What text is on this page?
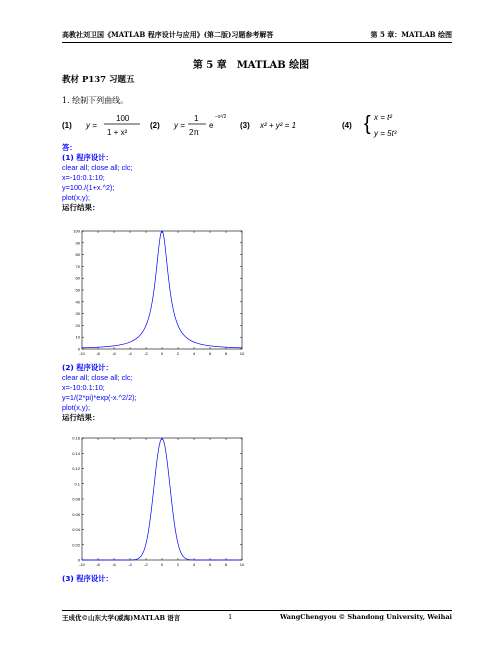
高教社刘卫国《MATLAB 程序设计与应用》(第二版)习题参考解答	第 5 章：MATLAB 绘图
第 5 章　MATLAB 绘图
教材 P137 习题五
1. 绘制下列曲线。
(1) y =
100
1 + x²
(2) y =
1
2π
e
−x²/2
(3) x² + y² = 1	(4) { x = t²
y = 5t³
答：
(1) 程序设计：
clear all; close all; clc;
x=-10:0.1:10;
y=100./(1+x.^2);
plot(x,y);
运行结果：
-10	-8	-6	-4	-2	0	2	4	6	8	10
0
10
20
30
40
50
60
70
80
90
100
(2) 程序设计：
clear all; close all; clc;
x=-10:0.1:10;
y=1/(2*pi)*exp(-x.^2/2);
plot(x,y);
运行结果：
-10	-8	-6	-4	-2	0	2	4	6	8	10
0
0.02
0.04
0.06
0.08
0.1
0.12
0.14
0.16
(3) 程序设计：
王成优©山东大学(威海)MATLAB 语言	1	WangChengyou © Shandong University, Weihai
